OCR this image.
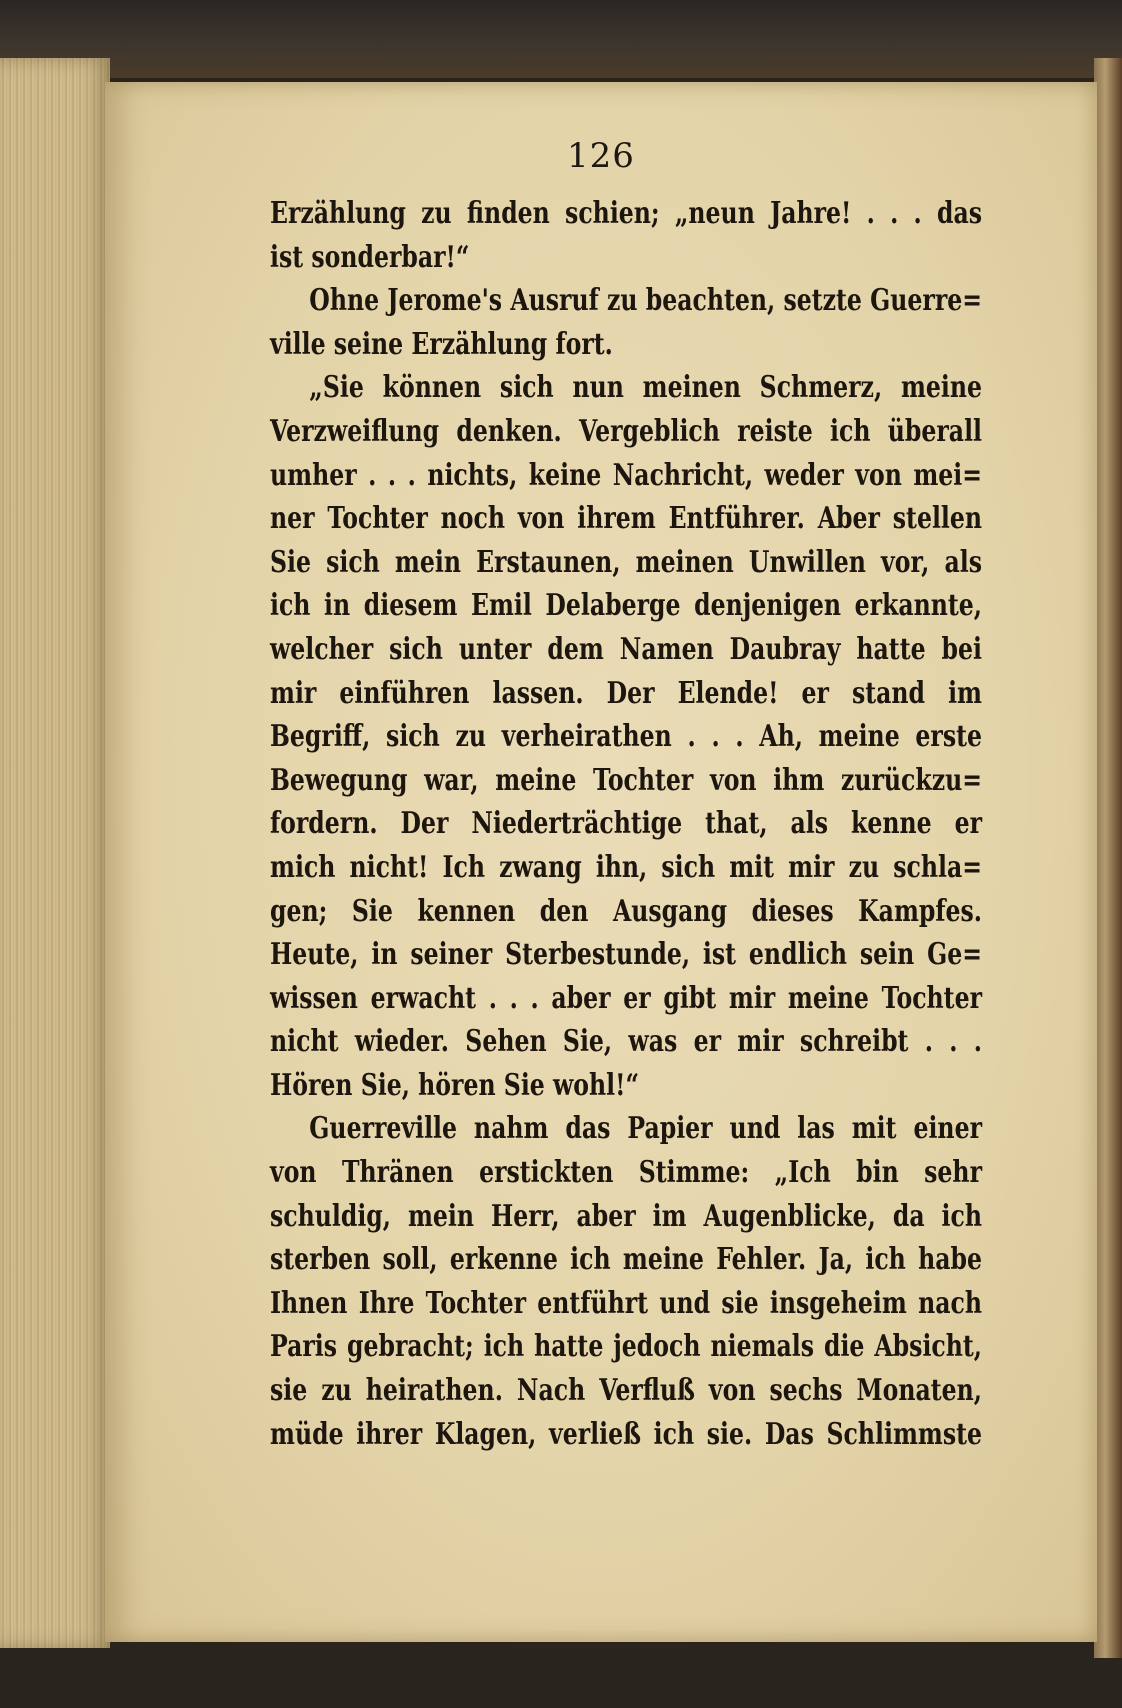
126
Erzählung zu finden schien; „neun Jahre! . . . das
ist sonderbar!“
Ohne Jerome's Ausruf zu beachten, setzte Guerre=
ville seine Erzählung fort.
„Sie können sich nun meinen Schmerz, meine
Verzweiflung denken. Vergeblich reiste ich überall
umher . . . nichts, keine Nachricht, weder von mei=
ner Tochter noch von ihrem Entführer. Aber stellen
Sie sich mein Erstaunen, meinen Unwillen vor, als
ich in diesem Emil Delaberge denjenigen erkannte,
welcher sich unter dem Namen Daubray hatte bei
mir einführen lassen. Der Elende! er stand im
Begriff, sich zu verheirathen . . . Ah, meine erste
Bewegung war, meine Tochter von ihm zurückzu=
fordern. Der Niederträchtige that, als kenne er
mich nicht! Ich zwang ihn, sich mit mir zu schla=
gen; Sie kennen den Ausgang dieses Kampfes.
Heute, in seiner Sterbestunde, ist endlich sein Ge=
wissen erwacht . . . aber er gibt mir meine Tochter
nicht wieder. Sehen Sie, was er mir schreibt . . .
Hören Sie, hören Sie wohl!“
Guerreville nahm das Papier und las mit einer
von Thränen erstickten Stimme: „Ich bin sehr
schuldig, mein Herr, aber im Augenblicke, da ich
sterben soll, erkenne ich meine Fehler. Ja, ich habe
Ihnen Ihre Tochter entführt und sie insgeheim nach
Paris gebracht; ich hatte jedoch niemals die Absicht,
sie zu heirathen. Nach Verfluß von sechs Monaten,
müde ihrer Klagen, verließ ich sie. Das Schlimmste
